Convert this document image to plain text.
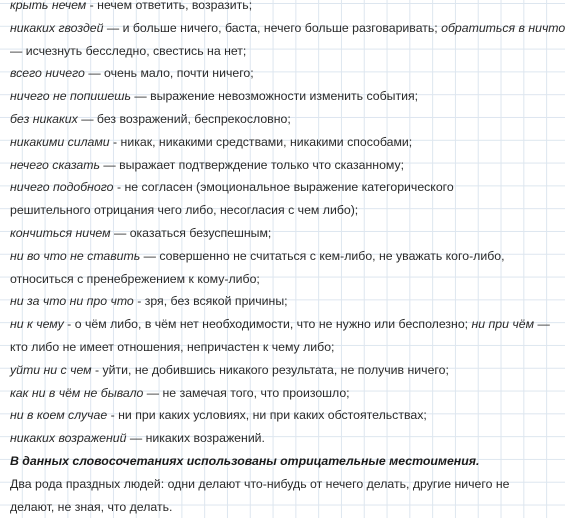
крыть нечем - нечем ответить, возразить;
никаких гвоздей — и больше ничего, баста, нечего больше разговаривать; обратиться в ничто
— исчезнуть бесследно, свестись на нет;
всего ничего — очень мало, почти ничего;
ничего не попишешь — выражение невозможности изменить события;
без никаких — без возражений, беспрекословно;
никакими силами - никак, никакими средствами, никакими способами;
нечего сказать — выражает подтверждение только что сказанному;
ничего подобного - не согласен (эмоциональное выражение категорического
решительного отрицания чего либо, несогласия с чем либо);
кончиться ничем — оказаться безуспешным;
ни во что не ставить — совершенно не считаться с кем-либо, не уважать кого-либо,
относиться с пренебрежением к кому-либо;
ни за что ни про что - зря, без всякой причины;
ни к чему - о чём либо, в чём нет необходимости, что не нужно или бесполезно; ни при чём —
кто либо не имеет отношения, непричастен к чему либо;
уйти ни с чем - уйти, не добившись никакого результата, не получив ничего;
как ни в чём не бывало — не замечая того, что произошло;
ни в коем случае - ни при каких условиях, ни при каких обстоятельствах;
никаких возражений — никаких возражений.
В данных словосочетаниях использованы отрицательные местоимения.
Два рода праздных людей: одни делают что-нибудь от нечего делать, другие ничего не
делают, не зная, что делать.
